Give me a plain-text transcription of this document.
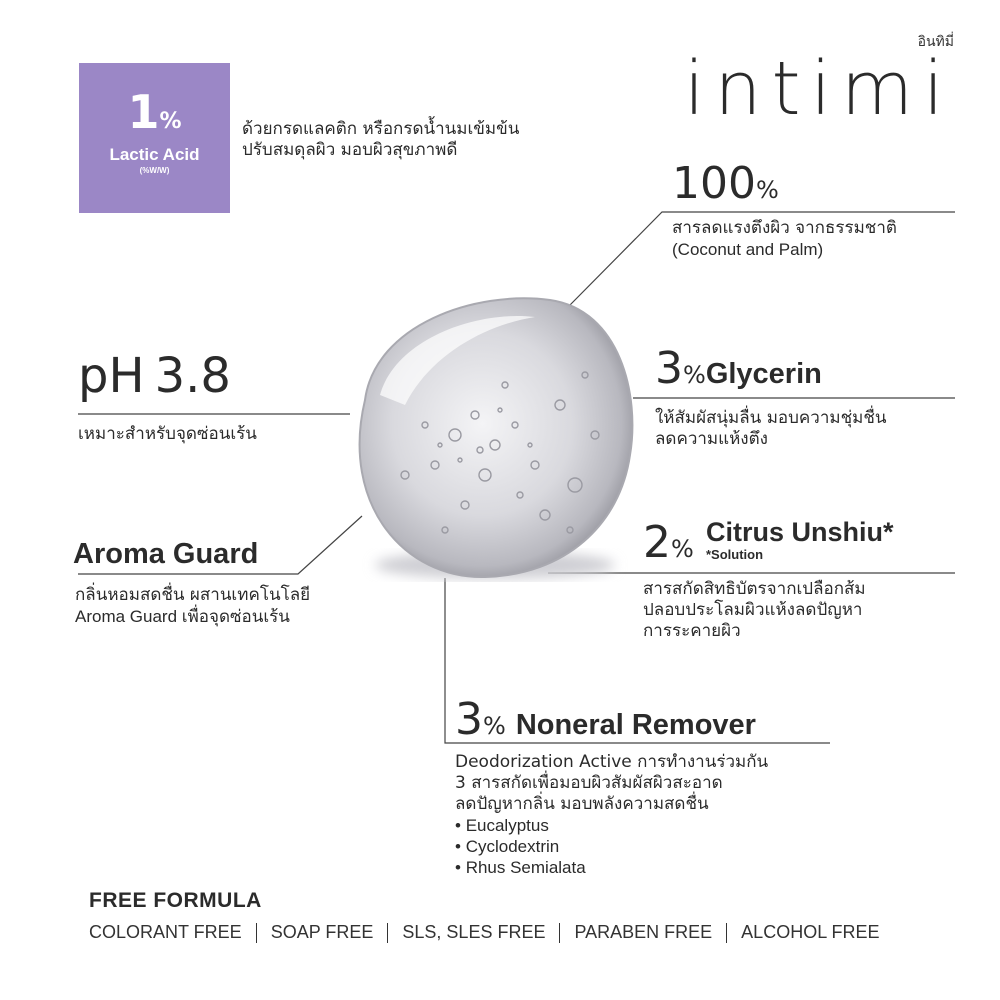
1%
Lactic Acid
(%W/W)
ด้วยกรดแลคติก หรือกรดน้ำนมเข้มข้น
ปรับสมดุลผิว มอบผิวสุขภาพดี
อินทิมี่
intimi
100%
สารลดแรงตึงผิว จากธรรมชาติ
(Coconut and Palm)
pH 3.8
เหมาะสำหรับจุดซ่อนเร้น
3%Glycerin
ให้สัมผัสนุ่มลื่น มอบความชุ่มชื่น
ลดความแห้งตึง
Aroma Guard
กลิ่นหอมสดชื่น ผสานเทคโนโลยี
Aroma Guard เพื่อจุดซ่อนเร้น
2%
Citrus Unshiu*
*Solution
สารสกัดสิทธิบัตรจากเปลือกส้ม
ปลอบประโลมผิวแห้งลดปัญหา
การระคายผิว
3% Noneral Remover
Deodorization Active การทำงานร่วมกัน
3 สารสกัดเพื่อมอบผิวสัมผัสผิวสะอาด
ลดปัญหากลิ่น มอบพลังความสดชื่น
• Eucalyptus
• Cyclodextrin
• Rhus Semialata
FREE FORMULA
COLORANT FREE SOAP FREE SLS, SLES FREE PARABEN FREE ALCOHOL FREE
